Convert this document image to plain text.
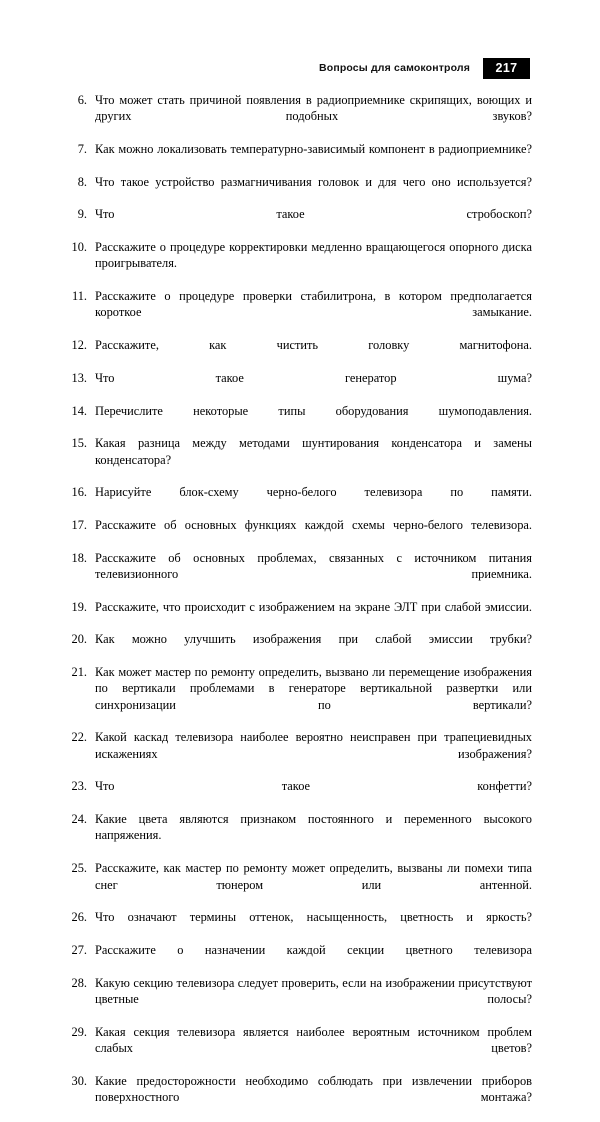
Вопросы для самоконтроля	217
6. Что может стать причиной появления в радиоприемнике скрипящих, воющих и других подобных звуков?
7. Как можно локализовать температурно-зависимый компонент в радиоприемнике?
8. Что такое устройство размагничивания головок и для чего оно используется?
9. Что такое стробоскоп?
10. Расскажите о процедуре корректировки медленно вращающегося опорного диска проигрывателя.
11. Расскажите о процедуре проверки стабилитрона, в котором предполагается короткое замыкание.
12. Расскажите, как чистить головку магнитофона.
13. Что такое генератор шума?
14. Перечислите некоторые типы оборудования шумоподавления.
15. Какая разница между методами шунтирования конденсатора и замены конденсатора?
16. Нарисуйте блок-схему черно-белого телевизора по памяти.
17. Расскажите об основных функциях каждой схемы черно-белого телевизора.
18. Расскажите об основных проблемах, связанных с источником питания телевизионного приемника.
19. Расскажите, что происходит с изображением на экране ЭЛТ при слабой эмиссии.
20. Как можно улучшить изображения при слабой эмиссии трубки?
21. Как может мастер по ремонту определить, вызвано ли перемещение изображения по вертикали проблемами в генераторе вертикальной развертки или синхронизации по вертикали?
22. Какой каскад телевизора наиболее вероятно неисправен при трапециевидных искажениях изображения?
23. Что такое конфетти?
24. Какие цвета являются признаком постоянного и переменного высокого напряжения.
25. Расскажите, как мастер по ремонту может определить, вызваны ли помехи типа снег тюнером или антенной.
26. Что означают термины оттенок, насыщенность, цветность и яркость?
27. Расскажите о назначении каждой секции цветного телевизора
28. Какую секцию телевизора следует проверить, если на изображении присутствуют цветные полосы?
29. Какая секция телевизора является наиболее вероятным источником проблем слабых цветов?
30. Какие предосторожности необходимо соблюдать при извлечении приборов поверхностного монтажа?
